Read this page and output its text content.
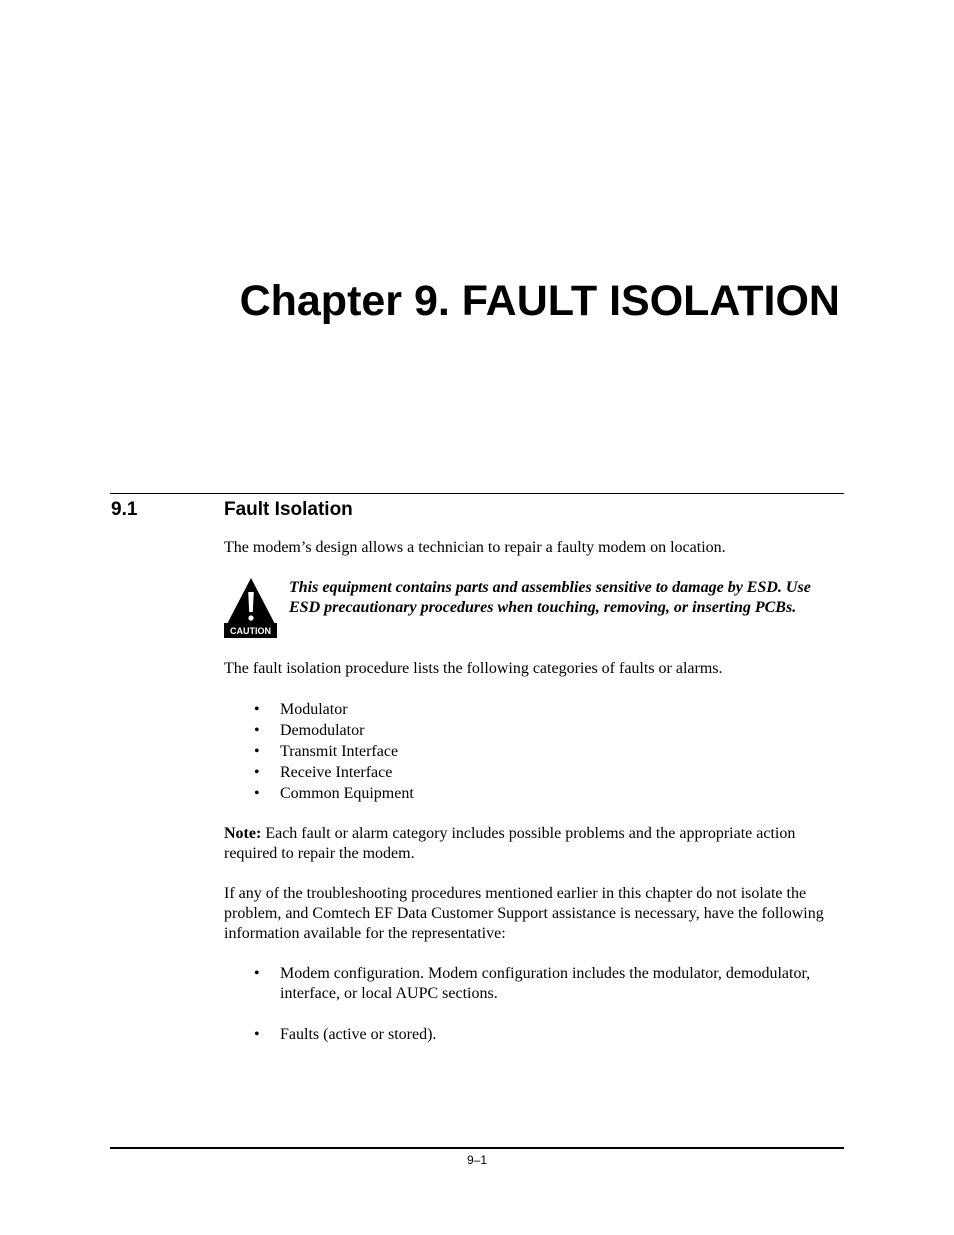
Chapter 9. FAULT ISOLATION
9.1	Fault Isolation

The modem’s design allows a technician to repair a faulty modem on location.

CAUTION

This equipment contains parts and assemblies sensitive to damage by ESD. Use ESD precautionary procedures when touching, removing, or inserting PCBs.

The fault isolation procedure lists the following categories of faults or alarms.

• Modulator
• Demodulator
• Transmit Interface
• Receive Interface
• Common Equipment

Note: Each fault or alarm category includes possible problems and the appropriate action required to repair the modem.

If any of the troubleshooting procedures mentioned earlier in this chapter do not isolate the problem, and Comtech EF Data Customer Support assistance is necessary, have the following information available for the representative:

• Modem configuration. Modem configuration includes the modulator, demodulator, interface, or local AUPC sections.
• Faults (active or stored).
9–1
